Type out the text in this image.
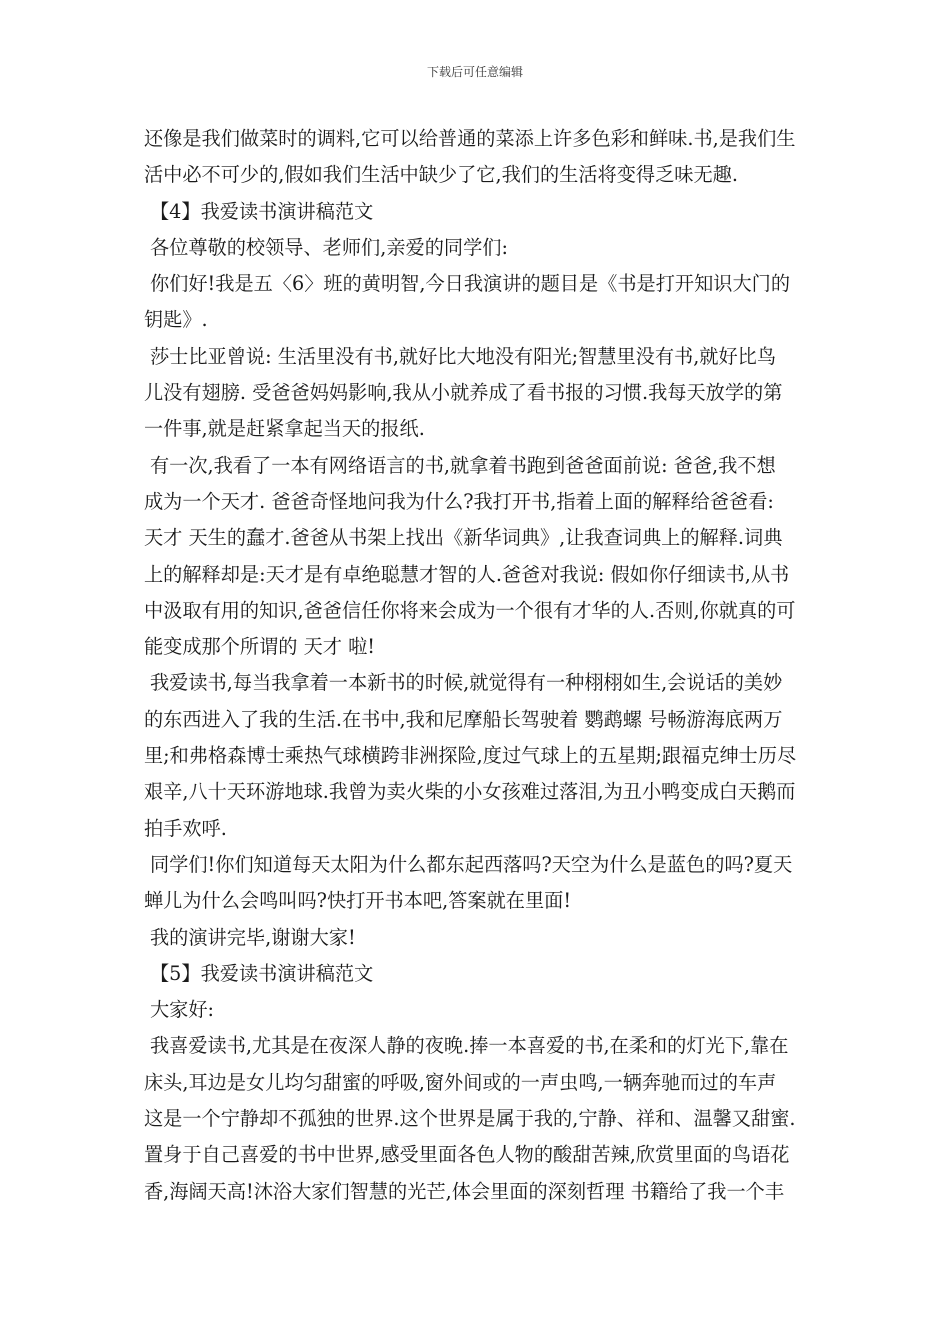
下载后可任意编辑
还像是我们做菜时的调料,它可以给普通的菜添上许多色彩和鲜味.书,是我们生
活中必不可少的,假如我们生活中缺少了它,我们的生活将变得乏味无趣.
【4】我爱读书演讲稿范文
各位尊敬的校领导、老师们,亲爱的同学们:
你们好!我是五〈6〉班的黄明智,今日我演讲的题目是《书是打开知识大门的
钥匙》.
莎士比亚曾说: 生活里没有书,就好比大地没有阳光;智慧里没有书,就好比鸟
儿没有翅膀. 受爸爸妈妈影响,我从小就养成了看书报的习惯.我每天放学的第
一件事,就是赶紧拿起当天的报纸.
有一次,我看了一本有网络语言的书,就拿着书跑到爸爸面前说: 爸爸,我不想
成为一个天才. 爸爸奇怪地问我为什么?我打开书,指着上面的解释给爸爸看:
天才 天生的蠢才.爸爸从书架上找出《新华词典》,让我查词典上的解释.词典
上的解释却是:天才是有卓绝聪慧才智的人.爸爸对我说: 假如你仔细读书,从书
中汲取有用的知识,爸爸信任你将来会成为一个很有才华的人.否则,你就真的可
能变成那个所谓的 天才 啦!
我爱读书,每当我拿着一本新书的时候,就觉得有一种栩栩如生,会说话的美妙
的东西进入了我的生活.在书中,我和尼摩船长驾驶着 鹦鹉螺 号畅游海底两万
里;和弗格森博士乘热气球横跨非洲探险,度过气球上的五星期;跟福克绅士历尽
艰辛,八十天环游地球.我曾为卖火柴的小女孩难过落泪,为丑小鸭变成白天鹅而
拍手欢呼.
同学们!你们知道每天太阳为什么都东起西落吗?天空为什么是蓝色的吗?夏天
蝉儿为什么会鸣叫吗?快打开书本吧,答案就在里面!
我的演讲完毕,谢谢大家!
【5】我爱读书演讲稿范文
大家好:
我喜爱读书,尤其是在夜深人静的夜晚.捧一本喜爱的书,在柔和的灯光下,靠在
床头,耳边是女儿均匀甜蜜的呼吸,窗外间或的一声虫鸣,一辆奔驰而过的车声
这是一个宁静却不孤独的世界.这个世界是属于我的,宁静、祥和、温馨又甜蜜.
置身于自己喜爱的书中世界,感受里面各色人物的酸甜苦辣,欣赏里面的鸟语花
香,海阔天高!沐浴大家们智慧的光芒,体会里面的深刻哲理 书籍给了我一个丰
